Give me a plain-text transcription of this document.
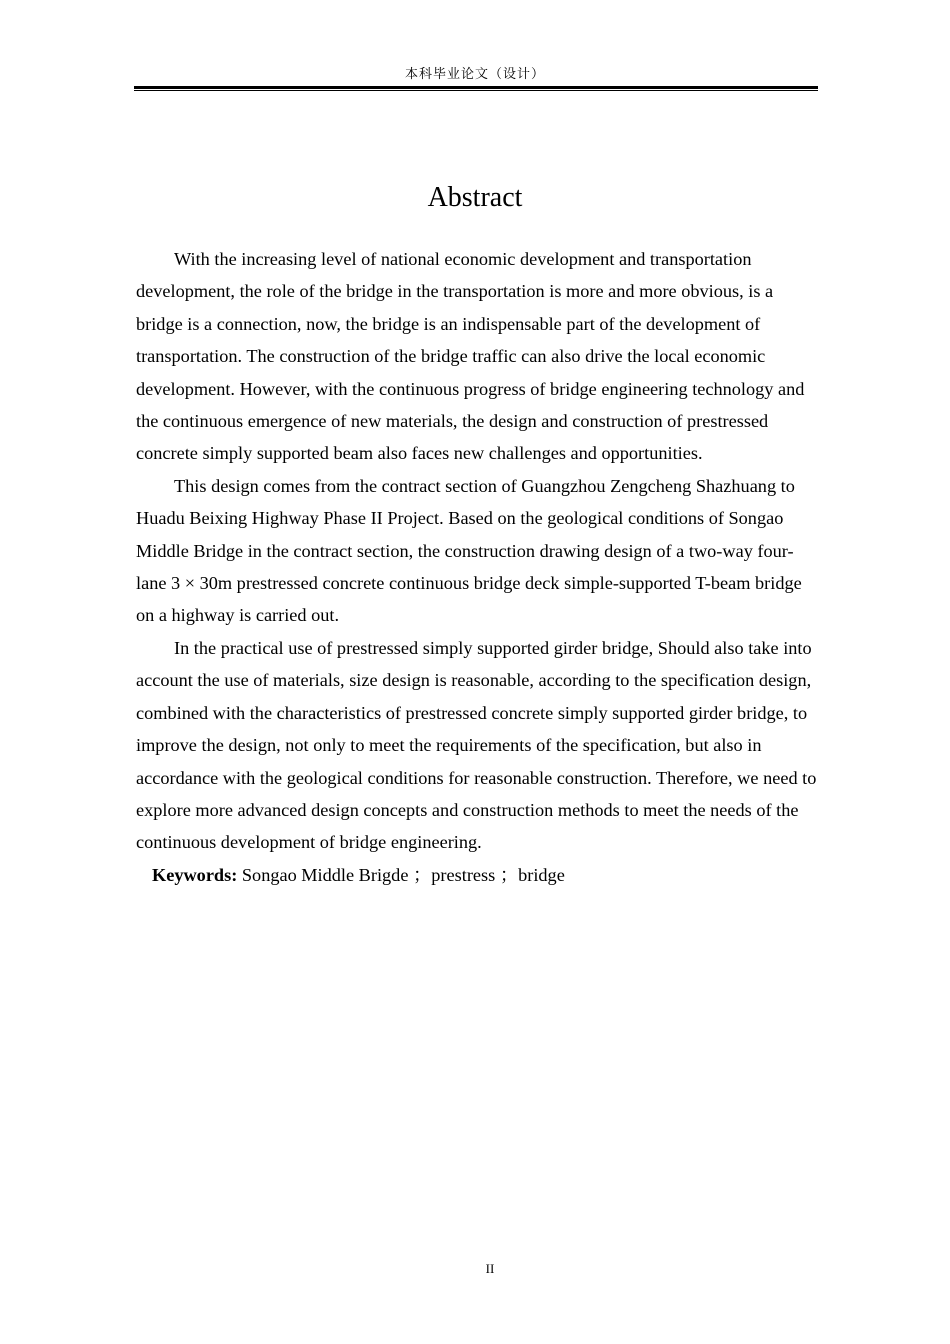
本科毕业论文（设计）
Abstract

With the increasing level of national economic development and transportation development, the role of the bridge in the transportation is more and more obvious, is a bridge is a connection, now, the bridge is an indispensable part of the development of transportation. The construction of the bridge traffic can also drive the local economic development. However, with the continuous progress of bridge engineering technology and the continuous emergence of new materials, the design and construction of prestressed concrete simply supported beam also faces new challenges and opportunities.

This design comes from the contract section of Guangzhou Zengcheng Shazhuang to Huadu Beixing Highway Phase II Project. Based on the geological conditions of Songao Middle Bridge in the contract section, the construction drawing design of a two-way four-lane 3 × 30m prestressed concrete continuous bridge deck simple-supported T-beam bridge on a highway is carried out.

In the practical use of prestressed simply supported girder bridge, Should also take into account the use of materials, size design is reasonable, according to the specification design, combined with the characteristics of prestressed concrete simply supported girder bridge, to improve the design, not only to meet the requirements of the specification, but also in accordance with the geological conditions for reasonable construction. Therefore, we need to explore more advanced design concepts and construction methods to meet the needs of the continuous development of bridge engineering.

Keywords: Songao Middle Brigde ；prestress ；bridge

II
